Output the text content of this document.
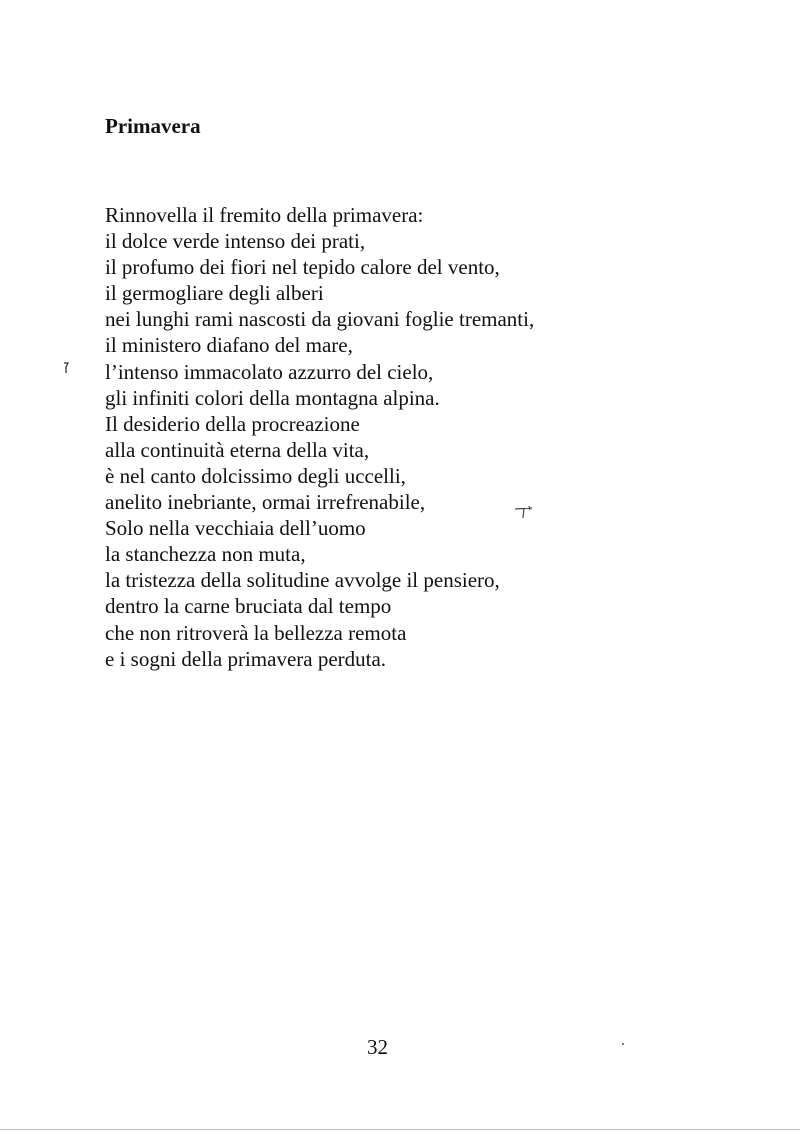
Primavera
Rinnovella il fremito della primavera:
il dolce verde intenso dei prati,
il profumo dei fiori nel tepido calore del vento,
il germogliare degli alberi
nei lunghi rami nascosti da giovani foglie tremanti,
il ministero diafano del mare,
l’intenso immacolato azzurro del cielo,
gli infiniti colori della montagna alpina.
Il desiderio della procreazione
alla continuità eterna della vita,
è nel canto dolcissimo degli uccelli,
anelito inebriante, ormai irrefrenabile,
Solo nella vecchiaia dell’uomo
la stanchezza non muta,
la tristezza della solitudine avvolge il pensiero,
dentro la carne bruciata dal tempo
che non ritroverà la bellezza remota
e i sogni della primavera perduta.
32
